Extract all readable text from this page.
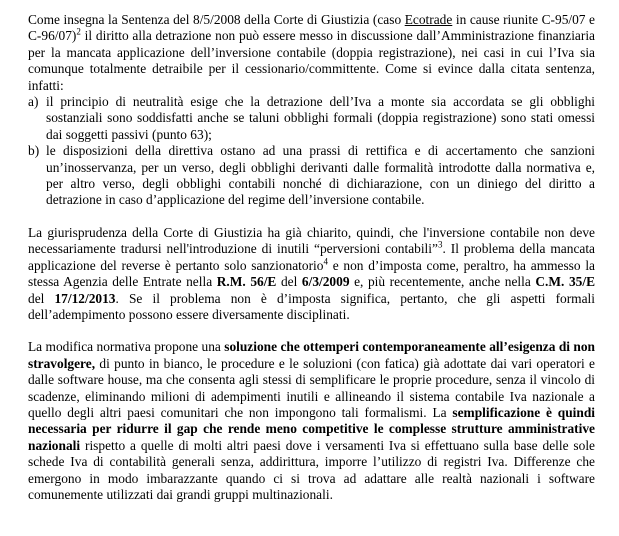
Come insegna la Sentenza del 8/5/2008 della Corte di Giustizia (caso Ecotrade in cause riunite C-95/07 e C-96/07)$^2$ il diritto alla detrazione non può essere messo in discussione dall’Amministrazione finanziaria per la mancata applicazione dell’inversione contabile (doppia registrazione), nei casi in cui l’Iva sia comunque totalmente detraibile per il cessionario/committente. Come si evince dalla citata sentenza, infatti:

a) il principio di neutralità esige che la detrazione dell’Iva a monte sia accordata se gli obblighi sostanziali sono soddisfatti anche se taluni obblighi formali (doppia registrazione) sono stati omessi dai soggetti passivi (punto 63);
b) le disposizioni della direttiva ostano ad una prassi di rettifica e di accertamento che sanzioni un’inosservanza, per un verso, degli obblighi derivanti dalle formalità introdotte dalla normativa e, per altro verso, degli obblighi contabili nonché di dichiarazione, con un diniego del diritto a detrazione in caso d’applicazione del regime dell’inversione contabile.

La giurisprudenza della Corte di Giustizia ha già chiarito, quindi, che l'inversione contabile non deve necessariamente tradursi nell'introduzione di inutili “perversioni contabili”$^3$. Il problema della mancata applicazione del reverse è pertanto solo sanzionatorio$^4$ e non d’imposta come, peraltro, ha ammesso la stessa Agenzia delle Entrate nella R.M. 56/E del 6/3/2009 e, più recentemente, anche nella C.M. 35/E del 17/12/2013. Se il problema non è d’imposta significa, pertanto, che gli aspetti formali dell’adempimento possono essere diversamente disciplinati.

La modifica normativa propone una soluzione che ottemperi contemporaneamente all’esigenza di non stravolgere, di punto in bianco, le procedure e le soluzioni (con fatica) già adottate dai vari operatori e dalle software house, ma che consenta agli stessi di semplificare le proprie procedure, senza il vincolo di scadenze, eliminando milioni di adempimenti inutili e allineando il sistema contabile Iva nazionale a quello degli altri paesi comunitari che non impongono tali formalismi. La semplificazione è quindi necessaria per ridurre il gap che rende meno competitive le complesse strutture amministrative nazionali rispetto a quelle di molti altri paesi dove i versamenti Iva si effettuano sulla base delle sole schede Iva di contabilità generali senza, addirittura, imporre l’utilizzo di registri Iva. Differenze che emergono in modo imbarazzante quando ci si trova ad adattare alle realtà nazionali i software comunemente utilizzati dai grandi gruppi multinazionali.
